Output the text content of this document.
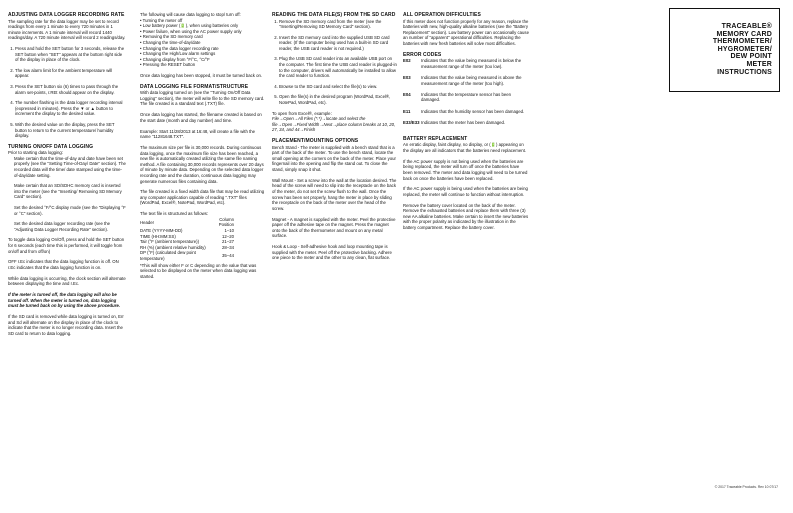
ADJUSTING DATA LOGGER RECORDING RATE

The sampling rate for the data logger may be set to record readings from every 1 minute to every 720 minutes in 1 minute increments. A 1 minute interval will record 1440 readings/day. A 720 minute interval will record 2 readings/day.

1. Press and hold the SET button for 3 seconds, release the SET button when "SET" appears at the bottom right side of the display in place of the clock.
2. The low alarm limit for the ambient temperature will appear.
3. Press the SET button six (6) times to pass through the alarm set-points, r.REt should appear on the display.
4. The number flashing is the data logger recording interval (expressed in minutes). Press the ▼ or ▲ button to increment the display to the desired value.
5. With the desired value on the display, press the SET button to return to the current temperature/ humidity display.
TURNING ON/OFF DATA LOGGING

Prior to starting data logging:

Make certain that the time-of-day and date have been set properly (see the "Setting Time-of-Day/ Date" section). The recorded data will the time/ date stamped using the time-of-day/date setting.

Make certain that an SD/SDHC memory card is inserted into the meter (see the "Inserting/ Removing SD Memory Card" section).

Set the desired °F/°C display mode (see the "Displaying °F or °C" section).

Set the desired data logger recording rate (see the "Adjusting Data Logger Recording Rate" section).

To toggle data logging On/Off, press and hold the SET button for 6 seconds (each time this is performed, it will toggle from on/off and from off/on)

OFF r.Ec indicates that the data logging function is off. ON r.Ec indicates that the data logging function is on.

While data logging is occurring, the clock section will alternate between displaying the time and r.Ec.

If the meter is turned off, the data logging will also be turned off. When the meter is turned on, data logging must be turned back on by using the above procedure.

If the SD card is removed while data logging is turned on, Err and Sd will alternate on the display in place of the clock to indicate that the meter is no longer recording data. Insert the SD card to return to data logging.

The following will cause data logging to stop/ turn off:

• Turning the meter off
• Low battery power (🔋), when using batteries only
• Power failure, when using the AC power supply only
• Removing the SD memory card
• Changing the time-of-day/date
• Changing the data logger recording rate
• Changing the High/Low alarm settings
• Changing display from °F/°C, °C/°F
• Pressing the RESET button

Once data logging has been stopped, it must be turned back on.

DATA LOGGING FILE FORMAT/STRUCTURE

With data logging turned on (see the "Turning On/Off Data Logging" section), the meter will write file to the SD memory card. The file created is a standard text (.TXT) file.

Once data logging has started, the filename created is based on the start date (month and day number) and time.

Example: Start 11/28/2013 at 16:48, will create a file with the name "11281648.TXT".

The maximum size per file is 30,000 records. During continuous data logging, once the maximum file size has been reached, a new file is automatically created utilizing the same file naming method. A file containing 30,000 records represents over 20 days of minute by minute data. Depending on the selected data logger recording rate and the duration, continuous data logging may generate numerous files containing data.

The file created is a fixed width data file that may be read utilizing any computer application capable of reading ".TXT" files (WordPad, Excel®, NotePad, WordPad, etc).

The text file is structured as follows:

Header	Column Position
DATE (YYYY-MM-DD)	1–10
TIME (HH:MM:SS)	12–20
Tair (°F (ambient temperature))	21–27
RH (%) (ambient relative humidity)	28–34
DP (°F) (calculated dew point temperature)	35–44

*This will show either F or C depending on the value that was selected to be displayed on the meter when data logging was started.

READING THE DATA FILE(S) FROM THE SD CARD
1. Remove the SD memory card from the meter (see the "Inserting/Removing SD Memory Card" section).
2. Insert the SD memory card into the supplied USB SD card reader. (If the computer being used has a built-in SD card reader, the USB card reader is not required.)
3. Plug the USB SD card reader into an available USB port on the computer. The first time the USB card reader is plugged-in to the computer, drivers will automatically be installed to allow the card reader to function.
4. Browse to the SD card and select the file(s) to view.
5. Open the file(s) in the desired program (WordPad, Excel®, NotePad, WordPad, etc).

To open from Excel®, example:

File→Open→All Files (*.*)→locate and select the file→Open→Fixed Width→Next→place column breaks at 10, 20, 27, 34, and 44→Finish

PLACEMENT/MOUNTING OPTIONS

Bench Stand - The meter is supplied with a bench stand that is a part of the back of the meter. To use the bench stand, locate the small opening at the corners on the back of the meter. Place your fingernail into the opening and flip the stand out. To close the stand, simply snap it shut.

Wall Mount - Set a screw into the wall at the location desired. The head of the screw will need to slip into the receptacle on the back of the meter, do not set the screw flush to the wall. Once the screw has been set properly, hang the meter in place by sliding the receptacle on the back of the meter over the head of the screw.

Magnet - A magnet is supplied with the meter. Peel the protective paper off the adhesive tape on the magnet. Press the magnet onto the back of the thermometer and mount on any metal surface.

Hook & Loop - Self-adhesive hook and loop mounting tape is supplied with the meter. Peel off the protective backing. Adhere one piece to the meter and the other to any clean, flat surface.

ALL OPERATION DIFFICULTIES

If this meter does not function properly for any reason, replace the batteries with new, high-quality alkaline batteries (see the "Battery Replacement" section). Low battery power can occasionally cause an number of "apparent" operational difficulties. Replacing the batteries with new fresh batteries will solve most difficulties.

ERROR CODES
E02	Indicates that the value being measured is below the measurement range of the meter (too low).
E03	Indicates that the value being measured is above the measurement range of the meter (too high).
E04	Indicates that the temperature sensor has been damaged.
E11	Indicates that the humidity sensor has been damaged.
E33/E33	Indicates that the meter has been damaged.
BATTERY REPLACEMENT

An erratic display, faint display, no display, or (🔋) appearing on the display are all indicators that the batteries need replacement.

If the AC power supply is not being used when the batteries are being replaced, the meter will turn off once the batteries have been removed. The meter and data logging will need to be turned back on once the batteries have been replaced.

If the AC power supply is being used when the batteries are being replaced, the meter will continue to function without interruption.

Remove the battery cover located on the back of the meter. Remove the exhausted batteries and replace them with three (3) new AA alkaline batteries. Make certain to insert the new batteries with the proper polarity as indicated by the illustration in the battery compartment. Replace the battery cover.

TRACEABLE®
MEMORY CARD
THERMOMETER/
HYGROMETER/
DEW POINT
METER
INSTRUCTIONS
© 2017 Traceable Products. Rev 10 07/17
